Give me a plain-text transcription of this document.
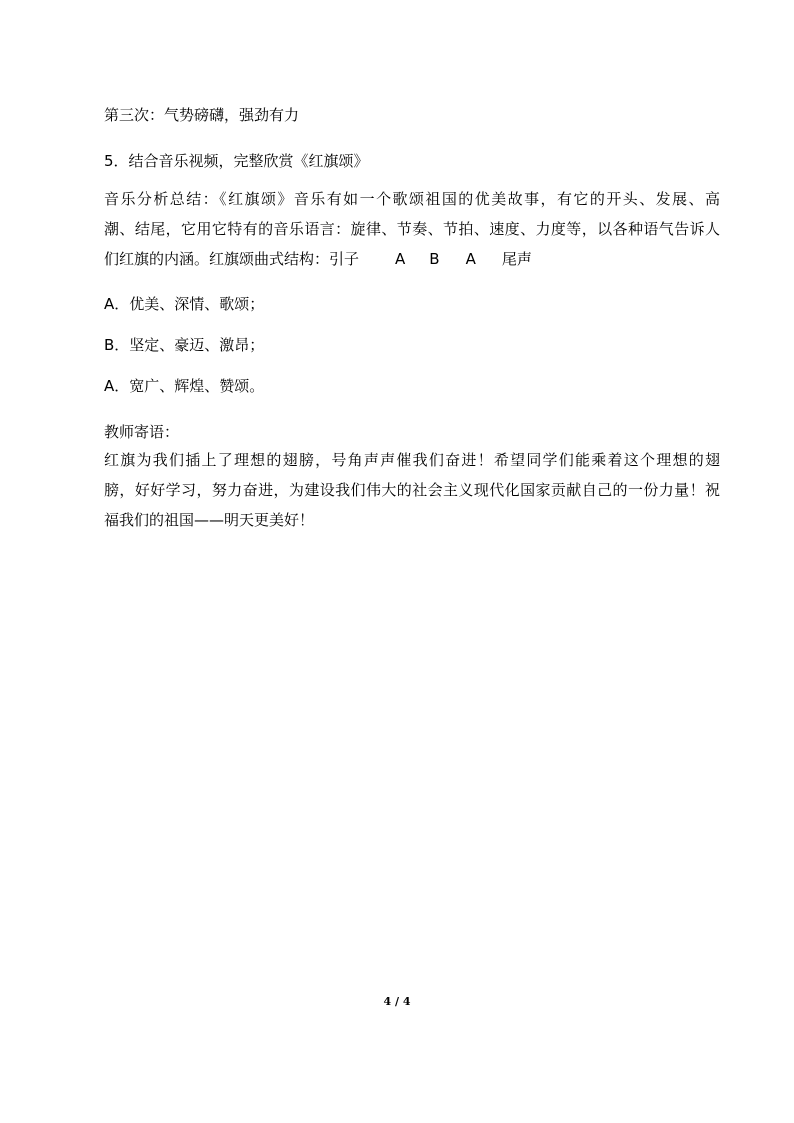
第三次：气势磅礴，强劲有力
5．结合音乐视频，完整欣赏《红旗颂》
音乐分析总结：《红旗颂》音乐有如一个歌颂祖国的优美故事，有它的开头、发展、高
潮、结尾，它用它特有的音乐语言：旋律、节奏、节拍、速度、力度等，以各种语气告诉人
们红旗的内涵。红旗颂曲式结构：引子 A B A 尾声
A．优美、深情、歌颂；
B．坚定、豪迈、激昂；
A．宽广、辉煌、赞颂。
教师寄语：
红旗为我们插上了理想的翅膀，号角声声催我们奋进！希望同学们能乘着这个理想的翅
膀，好好学习，努力奋进，为建设我们伟大的社会主义现代化国家贡献自己的一份力量！祝
福我们的祖国——明天更美好！
4 / 4
